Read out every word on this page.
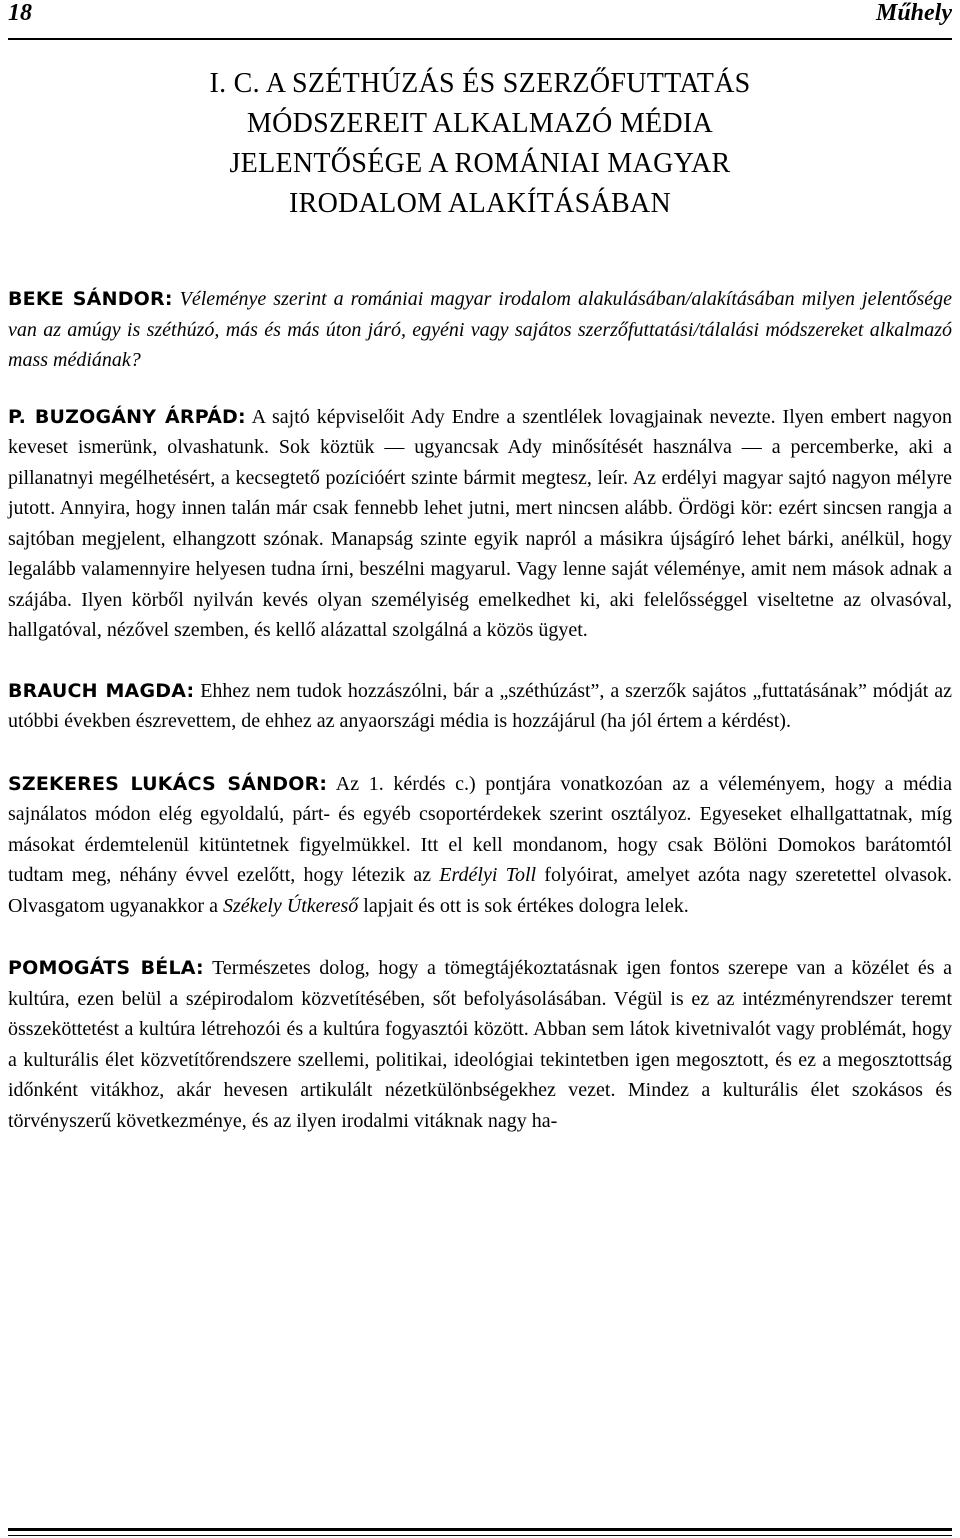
18	Műhely
I. C. A SZÉTHÚZÁS ÉS SZERZŐFUTTATÁS
MÓDSZEREIT ALKALMAZÓ MÉDIA
JELENTŐSÉGE A ROMÁNIAI MAGYAR
IRODALOM ALAKÍTÁSÁBAN

BEKE SÁNDOR: Véleménye szerint a romániai magyar irodalom alakulásában/alakításában milyen jelentősége van az amúgy is széthúzó, más és más úton járó, egyéni vagy sajátos szerzőfuttatási/tálalási módszereket alkalmazó mass médiának?

P. BUZOGÁNY ÁRPÁD: A sajtó képviselőit Ady Endre a szentlélek lovagjainak nevezte. Ilyen embert nagyon keveset ismerünk, olvashatunk. Sok köztük — ugyancsak Ady minősítését használva — a percemberke, aki a pillanatnyi megélhetésért, a kecsegtető pozícióért szinte bármit megtesz, leír. Az erdélyi magyar sajtó nagyon mélyre jutott. Annyira, hogy innen talán már csak fennebb lehet jutni, mert nincsen alább. Ördögi kör: ezért sincsen rangja a sajtóban megjelent, elhangzott szónak. Manapság szinte egyik napról a másikra újságíró lehet bárki, anélkül, hogy legalább valamennyire helyesen tudna írni, beszélni magyarul. Vagy lenne saját véleménye, amit nem mások adnak a szájába. Ilyen körből nyilván kevés olyan személyiség emelkedhet ki, aki felelősséggel viseltetne az olvasóval, hallgatóval, nézővel szemben, és kellő alázattal szolgálná a közös ügyet.

BRAUCH MAGDA: Ehhez nem tudok hozzászólni, bár a „széthúzást”, a szerzők sajátos „futtatásának” módját az utóbbi években észrevettem, de ehhez az anyaországi média is hozzájárul (ha jól értem a kérdést).

SZEKERES LUKÁCS SÁNDOR: Az 1. kérdés c.) pontjára vonatkozóan az a véleményem, hogy a média sajnálatos módon elég egyoldalú, párt- és egyéb csoportérdekek szerint osztályoz. Egyeseket elhallgattatnak, míg másokat érdemtelenül kitüntetnek figyelmükkel. Itt el kell mondanom, hogy csak Bölöni Domokos barátomtól tudtam meg, néhány évvel ezelőtt, hogy létezik az Erdélyi Toll folyóirat, amelyet azóta nagy szeretettel olvasok. Olvasgatom ugyanakkor a Székely Útkereső lapjait és ott is sok értékes dologra lelek.

POMOGÁTS BÉLA: Természetes dolog, hogy a tömegtájékoztatásnak igen fontos szerepe van a közélet és a kultúra, ezen belül a szépirodalom közvetítésében, sőt befolyásolásában. Végül is ez az intézményrendszer teremt összeköttetést a kultúra létrehozói és a kultúra fogyasztói között. Abban sem látok kivetnivalót vagy problémát, hogy a kulturális élet közvetítőrendszere szellemi, politikai, ideológiai tekintetben igen megosztott, és ez a megosztottság időnként vitákhoz, akár hevesen artikulált nézetkülönbségekhez vezet. Mindez a kulturális élet szokásos és törvényszerű következménye, és az ilyen irodalmi vitáknak nagy ha-
